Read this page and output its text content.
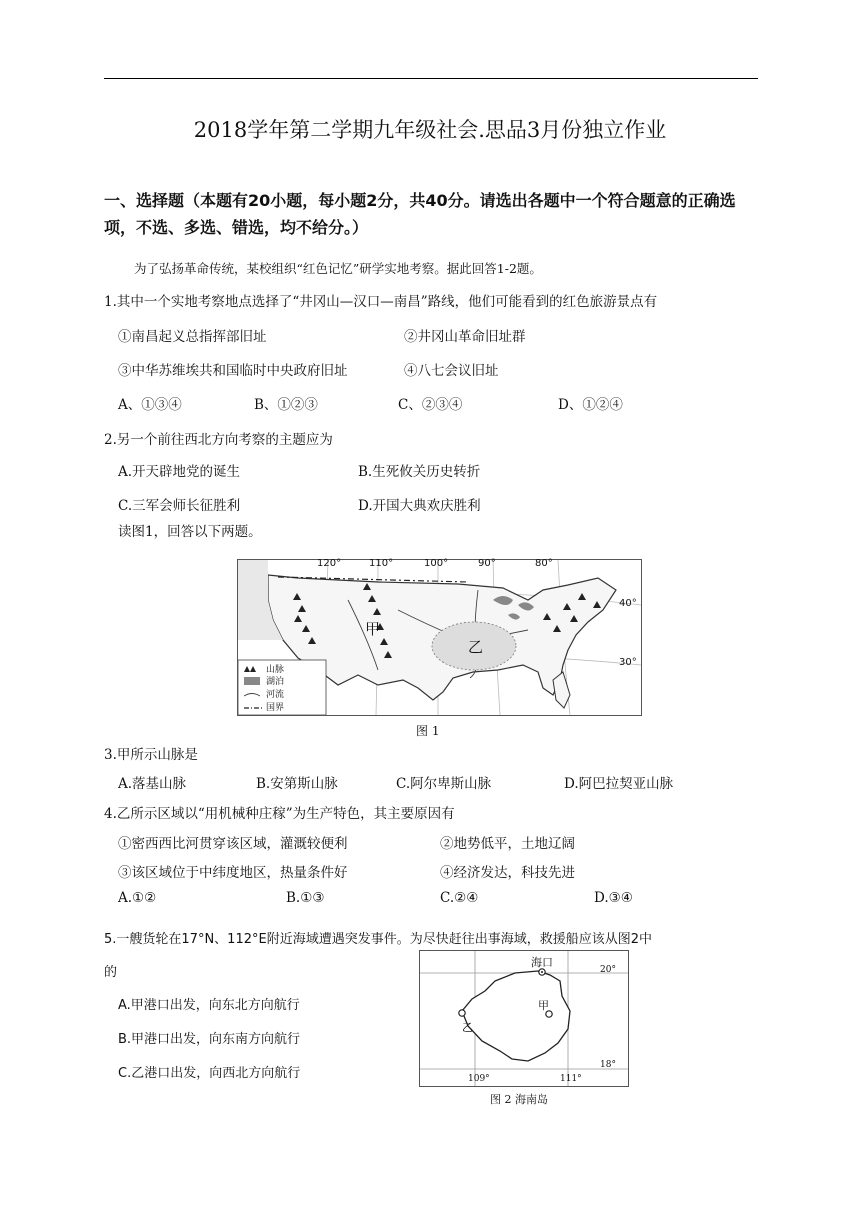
2018学年第二学期九年级社会.思品3月份独立作业
一、选择题（本题有20小题，每小题2分，共40分。请选出各题中一个符合题意的正确选项，不选、多选、错选，均不给分。）
为了弘扬革命传统，某校组织“红色记忆”研学实地考察。据此回答1-2题。
1.其中一个实地考察地点选择了“井冈山—汉口—南昌”路线，他们可能看到的红色旅游景点有
①南昌起义总指挥部旧址	②井冈山革命旧址群
③中华苏维埃共和国临时中央政府旧址	④八七会议旧址
A、①③④	B、①②③	C、②③④	D、①②④
2.另一个前往西北方向考察的主题应为
A.开天辟地党的诞生	B.生死攸关历史转折
C.三军会师长征胜利	D.开国大典欢庆胜利
读图1，回答以下两题。
120°	110°	100°	90°	80°
40°
30°
甲
乙
山脉
湖泊
河流
国界
图 1
3.甲所示山脉是
A.落基山脉	B.安第斯山脉	C.阿尔卑斯山脉	D.阿巴拉契亚山脉
4.乙所示区域以“用机械种庄稼”为生产特色，其主要原因有
①密西西比河贯穿该区域，灌溉较便利	②地势低平，土地辽阔
③该区域位于中纬度地区，热量条件好	④经济发达，科技先进
A.①②	B.①③	C.②④	D.③④
5.一艘货轮在17°N、112°E附近海域遭遇突发事件。为尽快赶往出事海域，救援船应该从图2中
的
A.甲港口出发，向东北方向航行
B.甲港口出发，向东南方向航行
C.乙港口出发，向西北方向航行
海口
甲
乙
20°
18°
109°	111°
图 2 海南岛
